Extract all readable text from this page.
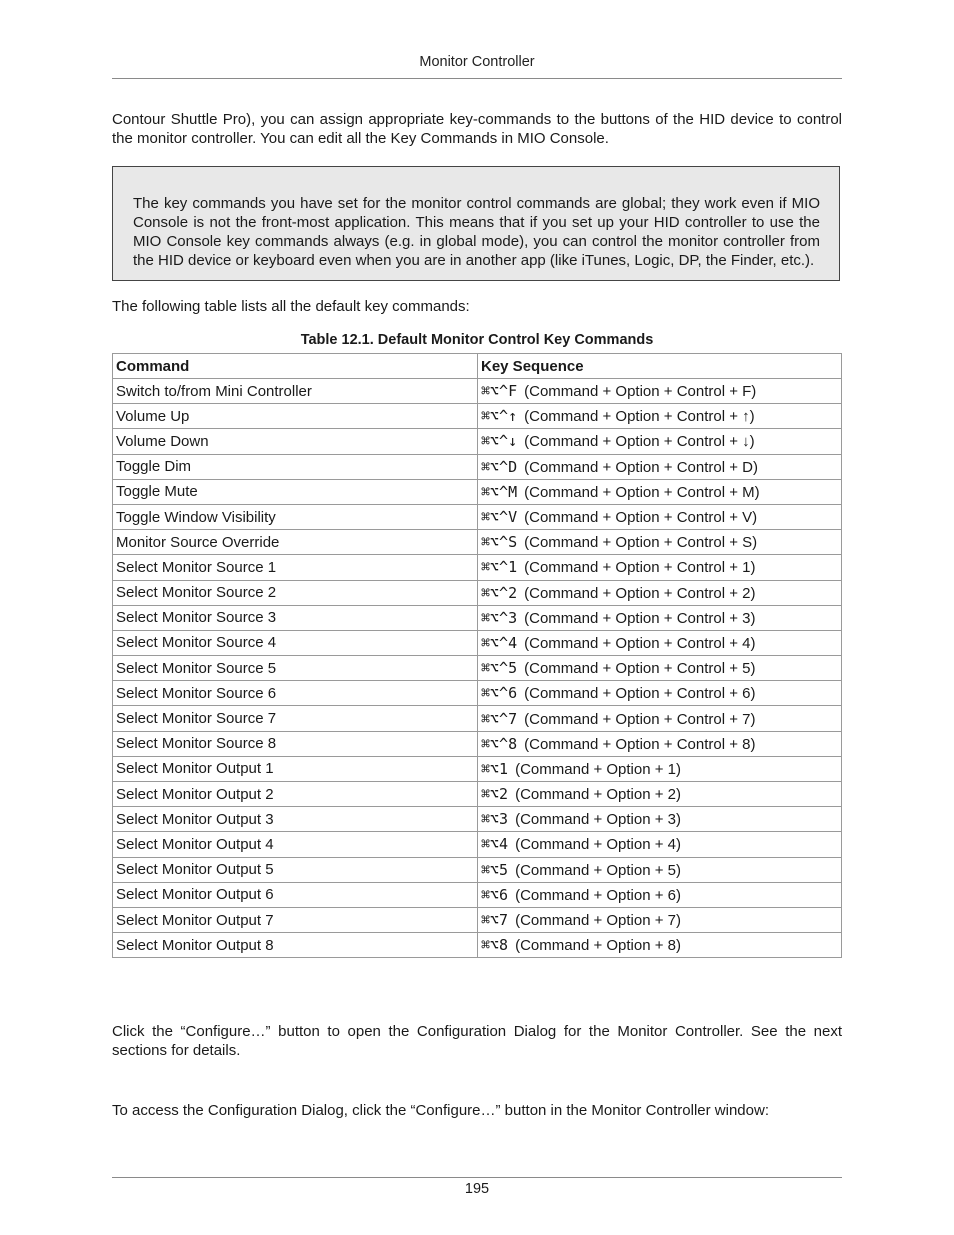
Monitor Controller
Contour Shuttle Pro), you can assign appropriate key-commands to the buttons of the HID device to control the monitor controller. You can edit all the Key Commands in MIO Console.
The key commands you have set for the monitor control commands are global; they work even if MIO Console is not the front-most application. This means that if you set up your HID controller to use the MIO Console key commands always (e.g. in global mode), you can control the monitor controller from the HID device or keyboard even when you are in another app (like iTunes, Logic, DP, the Finder, etc.).
The following table lists all the default key commands:
Table 12.1. Default Monitor Control Key Commands
Command	Key Sequence
Switch to/from Mini Controller	⌘⌥^F (Command + Option + Control + F)
Volume Up	⌘⌥^↑ (Command + Option + Control + ↑)
Volume Down	⌘⌥^↓ (Command + Option + Control + ↓)
Toggle Dim	⌘⌥^D (Command + Option + Control + D)
Toggle Mute	⌘⌥^M (Command + Option + Control + M)
Toggle Window Visibility	⌘⌥^V (Command + Option + Control + V)
Monitor Source Override	⌘⌥^S (Command + Option + Control + S)
Select Monitor Source 1	⌘⌥^1 (Command + Option + Control + 1)
Select Monitor Source 2	⌘⌥^2 (Command + Option + Control + 2)
Select Monitor Source 3	⌘⌥^3 (Command + Option + Control + 3)
Select Monitor Source 4	⌘⌥^4 (Command + Option + Control + 4)
Select Monitor Source 5	⌘⌥^5 (Command + Option + Control + 5)
Select Monitor Source 6	⌘⌥^6 (Command + Option + Control + 6)
Select Monitor Source 7	⌘⌥^7 (Command + Option + Control + 7)
Select Monitor Source 8	⌘⌥^8 (Command + Option + Control + 8)
Select Monitor Output 1	⌘⌥1 (Command + Option + 1)
Select Monitor Output 2	⌘⌥2 (Command + Option + 2)
Select Monitor Output 3	⌘⌥3 (Command + Option + 3)
Select Monitor Output 4	⌘⌥4 (Command + Option + 4)
Select Monitor Output 5	⌘⌥5 (Command + Option + 5)
Select Monitor Output 6	⌘⌥6 (Command + Option + 6)
Select Monitor Output 7	⌘⌥7 (Command + Option + 7)
Select Monitor Output 8	⌘⌥8 (Command + Option + 8)
Click the “Configure…” button to open the Configuration Dialog for the Monitor Controller. See the next sections for details.
To access the Configuration Dialog, click the “Configure…” button in the Monitor Controller window:
195
